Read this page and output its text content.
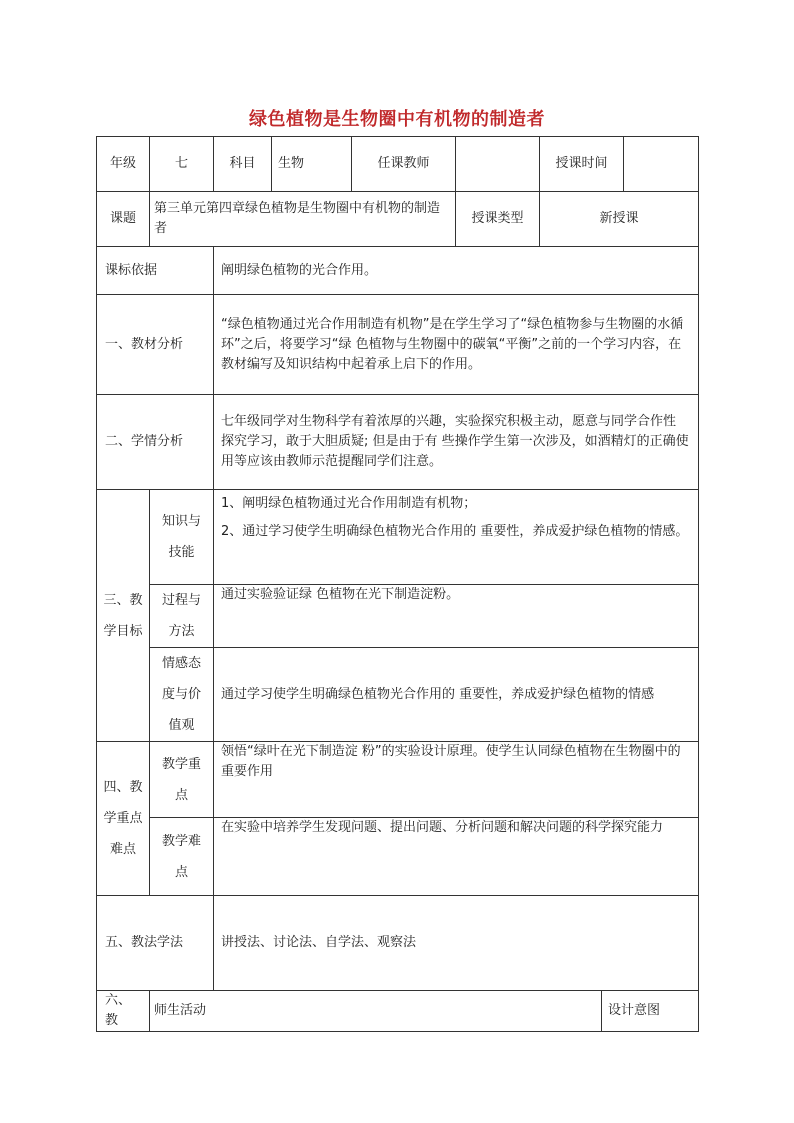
绿色植物是生物圈中有机物的制造者
年级	七	科目	生物	任课教师		授课时间		
课题	第三单元第四章绿色植物是生物圈中有机物的制造者				授课类型	新授课		
课标依据		阐明绿色植物的光合作用。						
一、教材分析		“绿色植物通过光合作用制造有机物”是在学生学习了“绿色植物参与生物圈的水循环”之后，将要学习“绿 色植物与生物圈中的碳氧“平衡”之前的一个学习内容，在教材编写及知识结构中起着承上启下的作用。						
二、学情分析		七年级同学对生物科学有着浓厚的兴趣，实验探究积极主动，愿意与同学合作性 探究学习，敢于大胆质疑; 但是由于有 些操作学生第一次涉及，如酒精灯的正确使用等应该由教师示范提醒同学们注意。						
三、教学目标	知识与技能	1、阐明绿色植物通过光合作用制造有机物；
2、通过学习使学生明确绿色植物光合作用的 重要性，养成爱护绿色植物的情感。						

	过程与方法	通过实验验证绿 色植物在光下制造淀粉。						
	情感态度与价值观	通过学习使学生明确绿色植物光合作用的 重要性，养成爱护绿色植物的情感						
四、教学重点难点	教学重点	领悟“绿叶在光下制造淀 粉”的实验设计原理。使学生认同绿色植物在生物圈中的重要作用						
	教学难点	在实验中培养学生发现问题、提出问题、分析问题和解决问题的科学探究能力						
五、教法学法		讲授法、讨论法、自学法、观察法						
六、教	师生活动						设计意图	
